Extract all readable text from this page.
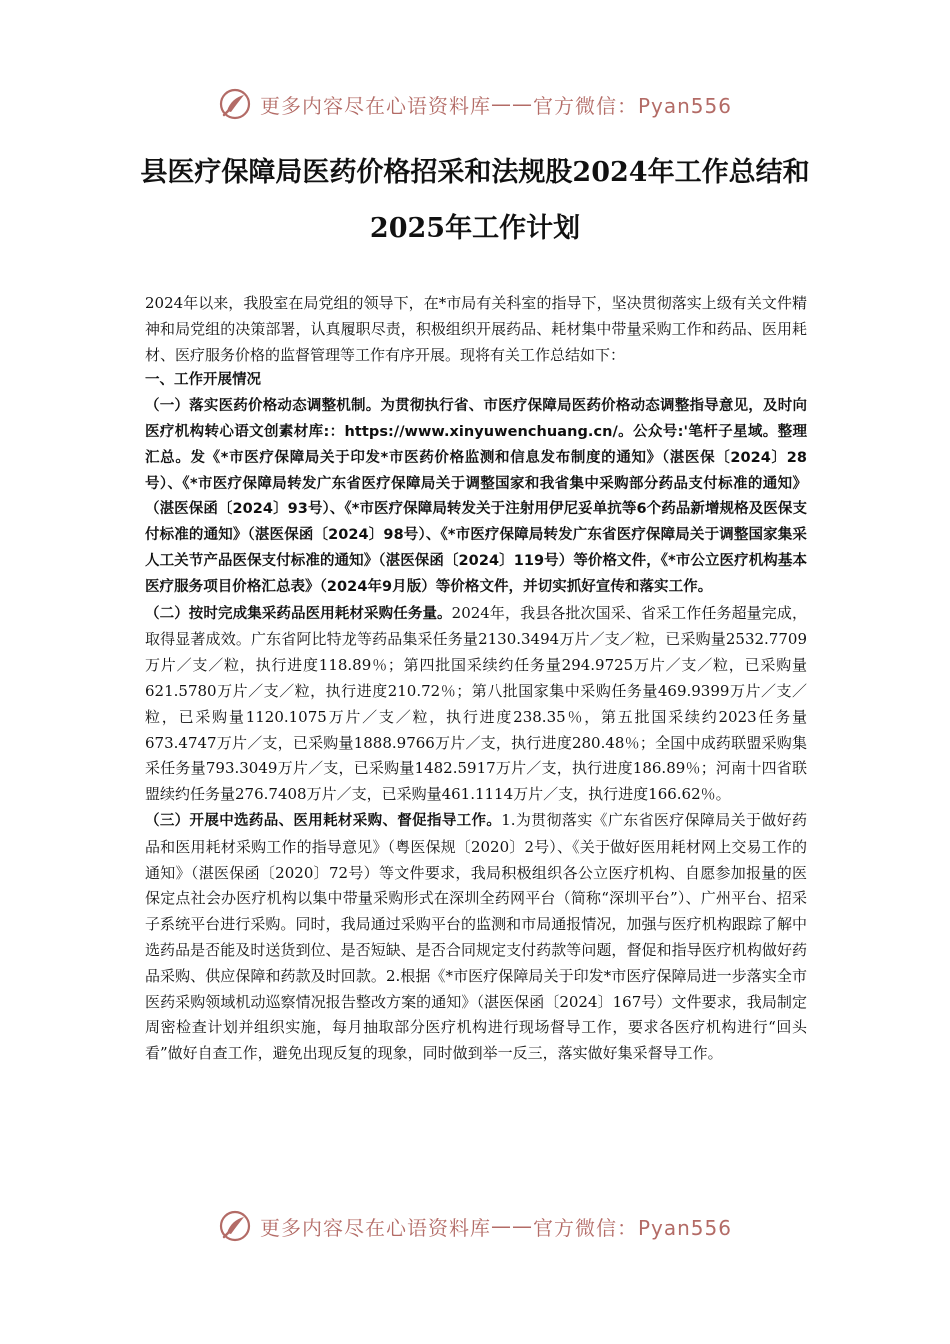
更多内容尽在心语资料库 —— 官方微信：Pyan556
县医疗保障局医药价格招采和法规股2024年工作总结和2025年工作计划

2024年以来，我股室在局党组的领导下，在*市局有关科室的指导下，坚决贯彻落实上级有关文件精神和局党组的决策部署，认真履职尽责，积极组织开展药品、耗材集中带量采购工作和药品、医用耗材、医疗服务价格的监督管理等工作有序开展。现将有关工作总结如下：

一、工作开展情况

（一）落实医药价格动态调整机制。为贯彻执行省、市医疗保障局医药价格动态调整指导意见，及时向医疗机构转心语文创素材库:：https://www.xinyuwenchuang.cn/。公众号:'笔杆子星域。整理汇总。发《*市医疗保障局关于印发*市医药价格监测和信息发布制度的通知》（湛医保〔2024〕28号）、《*市医疗保障局转发广东省医疗保障局关于调整国家和我省集中采购部分药品支付标准的通知》（湛医保函〔2024〕93号）、《*市医疗保障局转发关于注射用伊尼妥单抗等6个药品新增规格及医保支付标准的通知》（湛医保函〔2024〕98号）、《*市医疗保障局转发广东省医疗保障局关于调整国家集采人工关节产品医保支付标准的通知》（湛医保函〔2024〕119号）等价格文件，《*市公立医疗机构基本医疗服务项目价格汇总表》（2024年9月版）等价格文件，并切实抓好宣传和落实工作。

（二）按时完成集采药品医用耗材采购任务量。2024年，我县各批次国采、省采工作任务超量完成，取得显著成效。广东省阿比特龙等药品集采任务量2130.3494万片／支／粒，已采购量2532.7709万片／支／粒，执行进度118.89％；第四批国采续约任务量294.9725万片／支／粒，已采购量621.5780万片／支／粒，执行进度210.72％；第八批国家集中采购任务量469.9399万片／支／粒，已采购量1120.1075万片／支／粒，执行进度238.35％，第五批国采续约2023任务量673.4747万片／支，已采购量1888.9766万片／支，执行进度280.48％；全国中成药联盟采购集采任务量793.3049万片／支，已采购量1482.5917万片／支，执行进度186.89％；河南十四省联盟续约任务量276.7408万片／支，已采购量461.1114万片／支，执行进度166.62％。

（三）开展中选药品、医用耗材采购、督促指导工作。1.为贯彻落实《广东省医疗保障局关于做好药品和医用耗材采购工作的指导意见》（粤医保规〔2020〕2号）、《关于做好医用耗材网上交易工作的通知》（湛医保函〔2020〕72号）等文件要求，我局积极组织各公立医疗机构、自愿参加报量的医保定点社会办医疗机构以集中带量采购形式在深圳全药网平台（简称“深圳平台”）、广州平台、招采子系统平台进行采购。同时，我局通过采购平台的监测和市局通报情况，加强与医疗机构跟踪了解中选药品是否能及时送货到位、是否短缺、是否合同规定支付药款等问题，督促和指导医疗机构做好药品采购、供应保障和药款及时回款。2.根据《*市医疗保障局关于印发*市医疗保障局进一步落实全市医药采购领域机动巡察情况报告整改方案的通知》（湛医保函〔2024〕167号）文件要求，我局制定周密检查计划并组织实施，每月抽取部分医疗机构进行现场督导工作，要求各医疗机构进行“回头看”做好自查工作，避免出现反复的现象，同时做到举一反三，落实做好集采督导工作。

更多内容尽在心语资料库 —— 官方微信：Pyan556
